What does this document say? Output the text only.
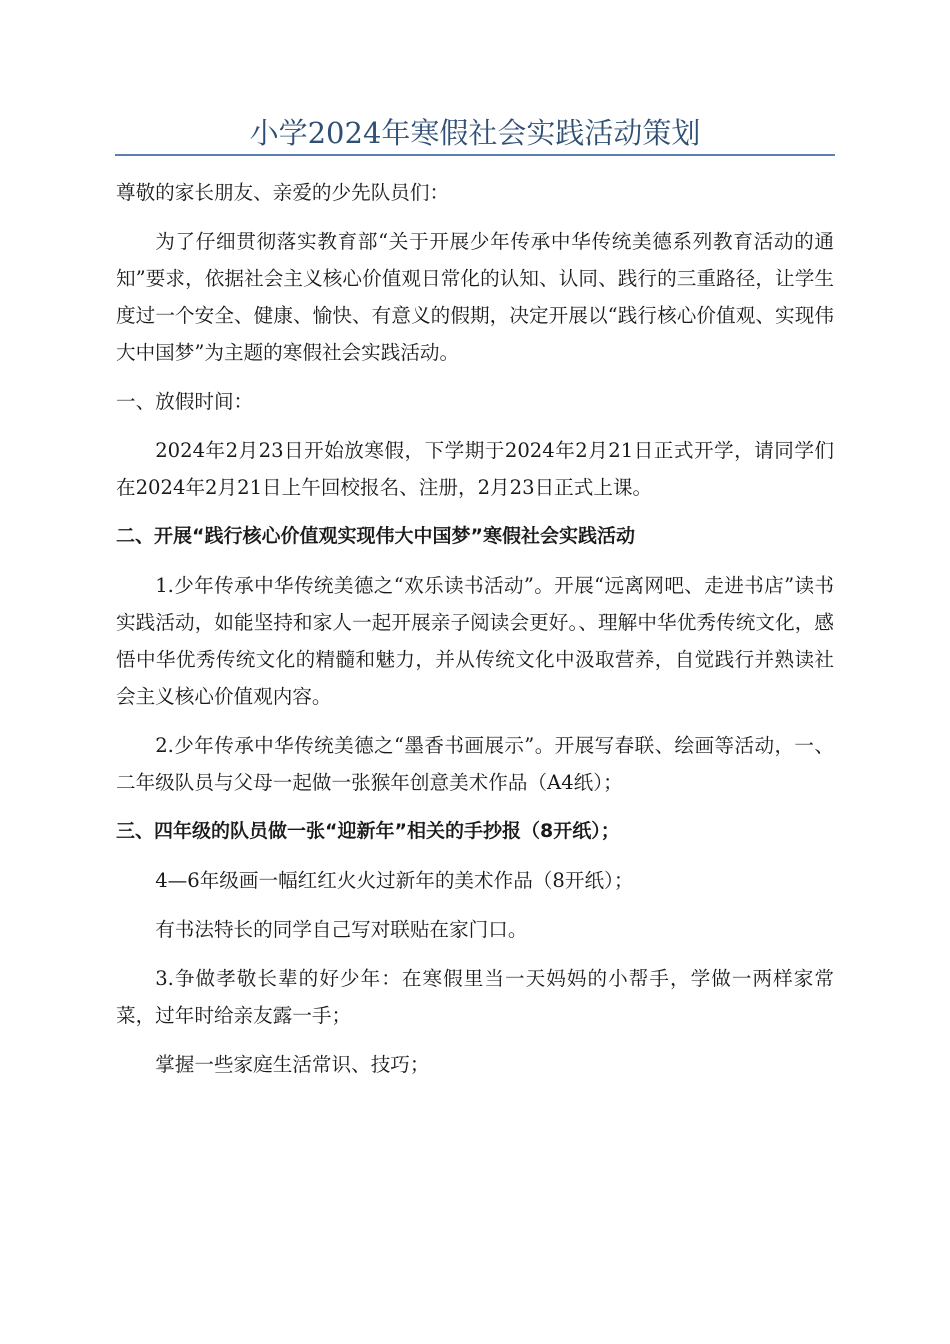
小学2024年寒假社会实践活动策划

尊敬的家长朋友、亲爱的少先队员们：

为了仔细贯彻落实教育部“关于开展少年传承中华传统美德系列教育活动的通知”要求，依据社会主义核心价值观日常化的认知、认同、践行的三重路径，让学生度过一个安全、健康、愉快、有意义的假期，决定开展以“践行核心价值观、实现伟大中国梦”为主题的寒假社会实践活动。

一、放假时间：

2024年2月23日开始放寒假，下学期于2024年2月21日正式开学，请同学们在2024年2月21日上午回校报名、注册，2月23日正式上课。

二、开展“践行核心价值观实现伟大中国梦”寒假社会实践活动

1.少年传承中华传统美德之“欢乐读书活动”。开展“远离网吧、走进书店”读书实践活动，如能坚持和家人一起开展亲子阅读会更好。、理解中华优秀传统文化，感悟中华优秀传统文化的精髓和魅力，并从传统文化中汲取营养，自觉践行并熟读社会主义核心价值观内容。

2.少年传承中华传统美德之“墨香书画展示”。开展写春联、绘画等活动，一、二年级队员与父母一起做一张猴年创意美术作品（A4纸）；

三、四年级的队员做一张“迎新年”相关的手抄报（8开纸）；

4—6年级画一幅红红火火过新年的美术作品（8开纸）；

有书法特长的同学自己写对联贴在家门口。

3.争做孝敬长辈的好少年：在寒假里当一天妈妈的小帮手，学做一两样家常菜，过年时给亲友露一手；

掌握一些家庭生活常识、技巧；
